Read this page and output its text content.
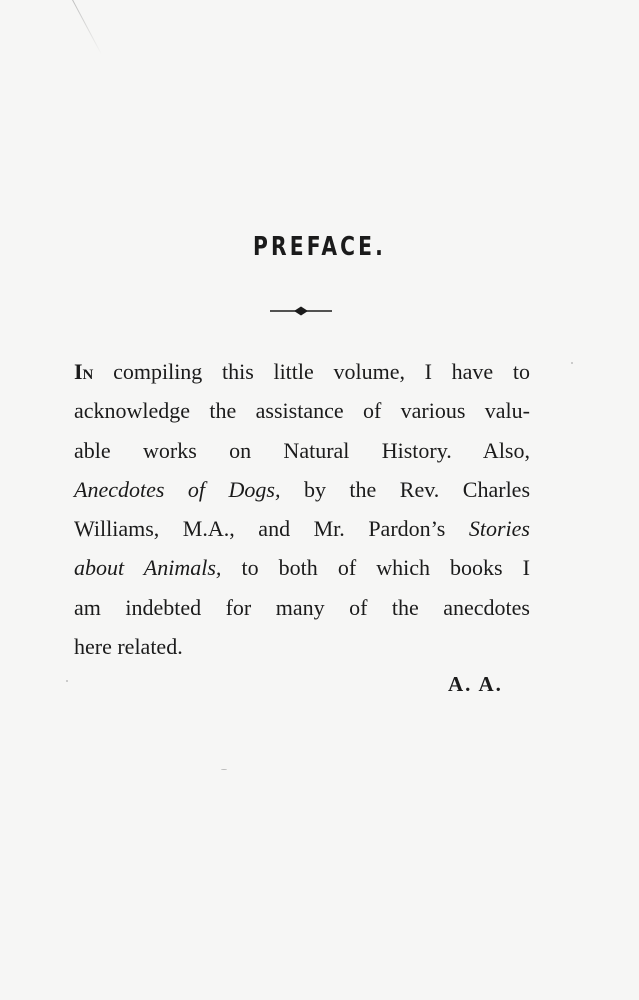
PREFACE.
In compiling this little volume, I have to
acknowledge the assistance of various valu-
able works on Natural History. Also,
Anecdotes of Dogs, by the Rev. Charles
Williams, M.A., and Mr. Pardon’s Stories
about Animals, to both of which books I
am indebted for many of the anecdotes
here related.
A. A.
